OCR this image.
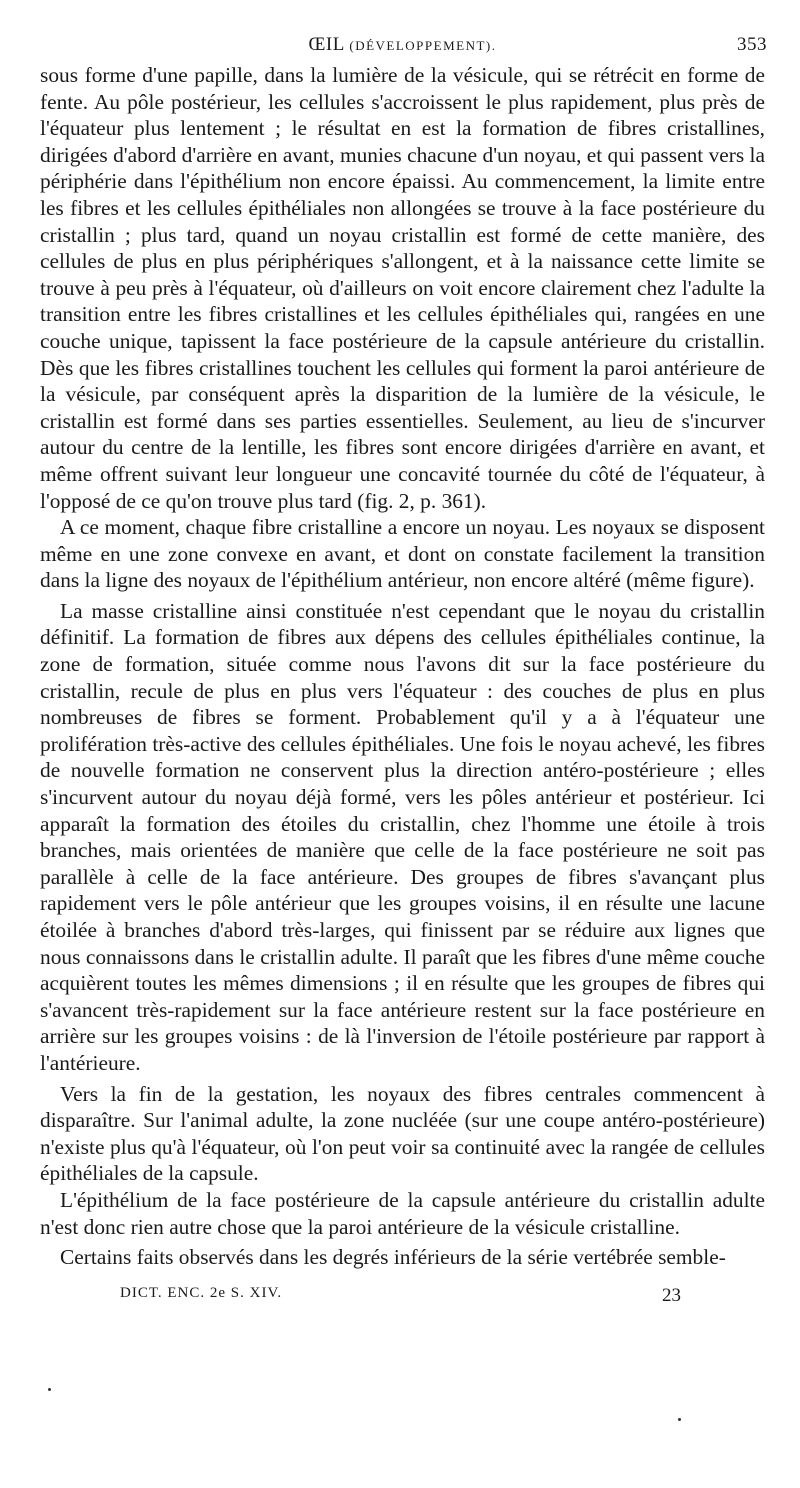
ŒIL (DÉVELOPPEMENT).	353

sous forme d'une papille, dans la lumière de la vésicule, qui se rétrécit en forme de fente. Au pôle postérieur, les cellules s'accroissent le plus rapidement, plus près de l'équateur plus lentement ; le résultat en est la formation de fibres cristallines, dirigées d'abord d'arrière en avant, munies chacune d'un noyau, et qui passent vers la périphérie dans l'épithélium non encore épaissi. Au commencement, la limite entre les fibres et les cellules épithéliales non allongées se trouve à la face postérieure du cristallin ; plus tard, quand un noyau cristallin est formé de cette manière, des cellules de plus en plus périphériques s'allongent, et à la naissance cette limite se trouve à peu près à l'équateur, où d'ailleurs on voit encore clairement chez l'adulte la transition entre les fibres cristallines et les cellules épithéliales qui, rangées en une couche unique, tapissent la face postérieure de la capsule antérieure du cristallin. Dès que les fibres cristallines touchent les cellules qui forment la paroi antérieure de la vésicule, par conséquent après la disparition de la lumière de la vésicule, le cristallin est formé dans ses parties essentielles. Seulement, au lieu de s'incurver autour du centre de la lentille, les fibres sont encore dirigées d'arrière en avant, et même offrent suivant leur longueur une concavité tournée du côté de l'équateur, à l'opposé de ce qu'on trouve plus tard (fig. 2, p. 361).

A ce moment, chaque fibre cristalline a encore un noyau. Les noyaux se disposent même en une zone convexe en avant, et dont on constate facilement la transition dans la ligne des noyaux de l'épithélium antérieur, non encore altéré (même figure).

La masse cristalline ainsi constituée n'est cependant que le noyau du cristallin définitif. La formation de fibres aux dépens des cellules épithéliales continue, la zone de formation, située comme nous l'avons dit sur la face postérieure du cristallin, recule de plus en plus vers l'équateur : des couches de plus en plus nombreuses de fibres se forment. Probablement qu'il y a à l'équateur une prolifération très-active des cellules épithéliales. Une fois le noyau achevé, les fibres de nouvelle formation ne conservent plus la direction antéro-postérieure ; elles s'incurvent autour du noyau déjà formé, vers les pôles antérieur et postérieur. Ici apparaît la formation des étoiles du cristallin, chez l'homme une étoile à trois branches, mais orientées de manière que celle de la face postérieure ne soit pas parallèle à celle de la face antérieure. Des groupes de fibres s'avançant plus rapidement vers le pôle antérieur que les groupes voisins, il en résulte une lacune étoilée à branches d'abord très-larges, qui finissent par se réduire aux lignes que nous connaissons dans le cristallin adulte. Il paraît que les fibres d'une même couche acquièrent toutes les mêmes dimensions ; il en résulte que les groupes de fibres qui s'avancent très-rapidement sur la face antérieure restent sur la face postérieure en arrière sur les groupes voisins : de là l'inversion de l'étoile postérieure par rapport à l'antérieure.

Vers la fin de la gestation, les noyaux des fibres centrales commencent à disparaître. Sur l'animal adulte, la zone nucléée (sur une coupe antéro-postérieure) n'existe plus qu'à l'équateur, où l'on peut voir sa continuité avec la rangée de cellules épithéliales de la capsule.

L'épithélium de la face postérieure de la capsule antérieure du cristallin adulte n'est donc rien autre chose que la paroi antérieure de la vésicule cristalline.

Certains faits observés dans les degrés inférieurs de la série vertébrée semble-

DICT. ENC. 2e S. XIV.	23
